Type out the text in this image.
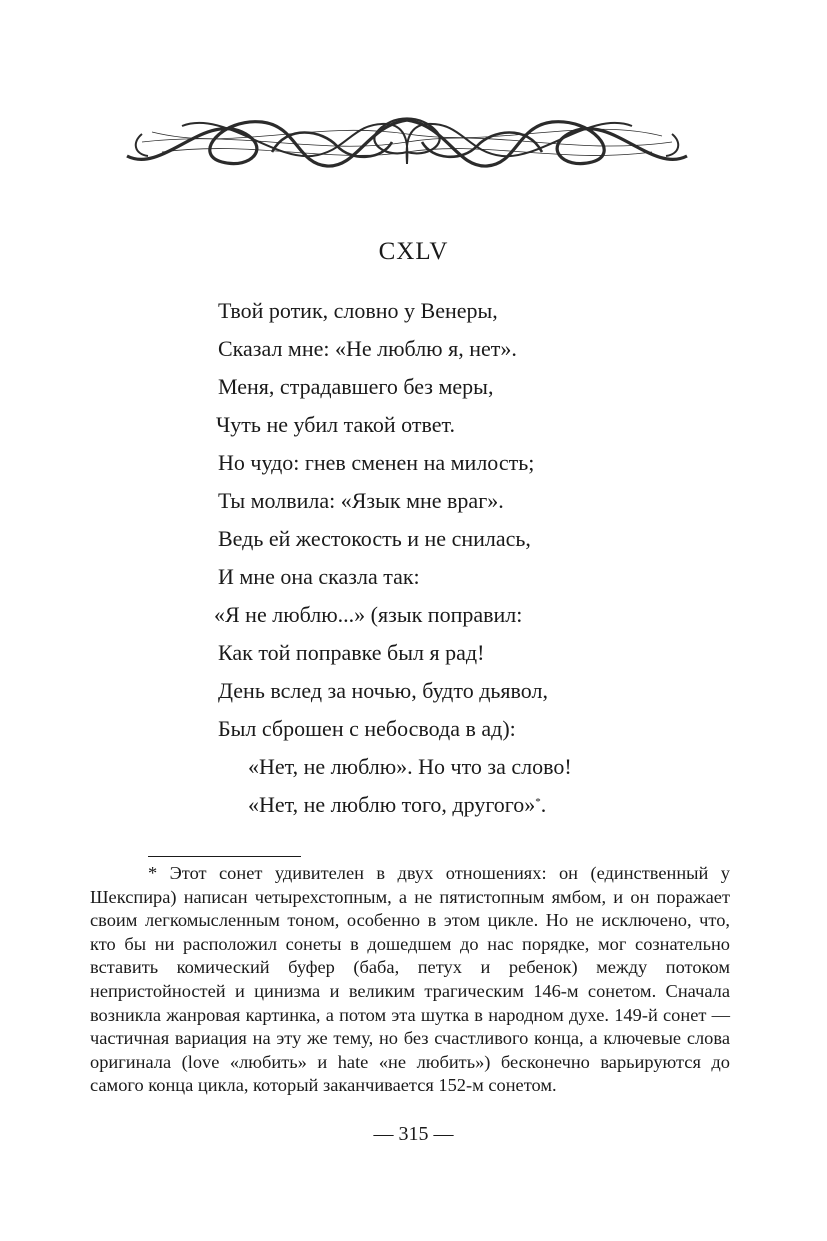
CXLV
Твой ротик, словно у Венеры,
Сказал мне: «Не люблю я, нет».
Меня, страдавшего без меры,
Чуть не убил такой ответ.
Но чудо: гнев сменен на милость;
Ты молвила: «Язык мне враг».
Ведь ей жестокость и не снилась,
И мне она сказла так:
«Я не люблю...» (язык поправил:
Как той поправке был я рад!
День вслед за ночью, будто дьявол,
Был сброшен с небосвода в ад):
«Нет, не люблю». Но что за слово!
«Нет, не люблю того, другого»*.
* Этот сонет удивителен в двух отношениях: он (единственный у Шекспира) написан четырехстопным, а не пятистопным ямбом, и он поражает своим легкомысленным тоном, особенно в этом цикле. Но не исключено, что, кто бы ни расположил сонеты в дошедшем до нас порядке, мог сознательно вставить комический буфер (баба, петух и ребенок) между потоком непристойностей и цинизма и великим трагическим 146-м сонетом. Сначала возникла жанровая картинка, а потом эта шутка в народном духе. 149-й сонет — частичная вариация на эту же тему, но без счастливого конца, а ключевые слова оригинала (love «любить» и hate «не любить») бесконечно варьируются до самого конца цикла, который заканчивается 152-м сонетом.
— 315 —
